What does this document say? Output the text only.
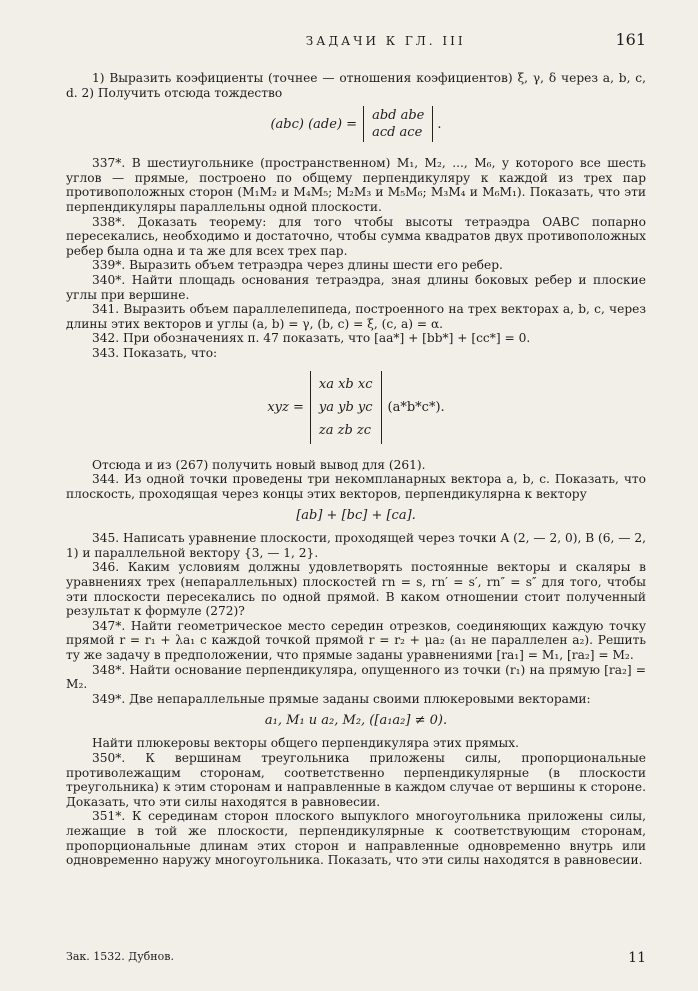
ЗАДАЧИ К ГЛ. III	161

1) Выразить коэфициенты (точнее — отношения коэфициентов) ξ, γ, δ через a, b, c, d. 2) Получить отсюда тождество

(abc) (ade) =
abd abe
acd ace
.

337*. В шестиугольнике (пространственном) M₁, M₂, ..., M₆, у которого все шесть углов — прямые, построено по общему перпендикуляру к каждой из трех пар противоположных сторон (M₁M₂ и M₄M₅; M₂M₃ и M₅M₆; M₃M₄ и M₆M₁). Показать, что эти перпендикуляры параллельны одной плоскости.

338*. Доказать теорему: для того чтобы высоты тетраэдра OABC попарно пересекались, необходимо и достаточно, чтобы сумма квадратов двух противоположных ребер была одна и та же для всех трех пар.

339*. Выразить объем тетраэдра через длины шести его ребер.

340*. Найти площадь основания тетраэдра, зная длины боковых ребер и плоские углы при вершине.

341. Выразить объем параллелепипеда, построенного на трех векторах a, b, c, через длины этих векторов и углы (a, b) = γ, (b, c) = ξ, (c, a) = α.

342. При обозначениях п. 47 показать, что [aa*] + [bb*] + [cc*] = 0.

343. Показать, что:

xyz =
xa xb xc
ya yb yc
za zb zc
(a*b*c*).

Отсюда и из (267) получить новый вывод для (261).

344. Из одной точки проведены три некомпланарных вектора a, b, c. Показать, что плоскость, проходящая через концы этих векторов, перпендикулярна к вектору

[ab] + [bc] + [ca].

345. Написать уравнение плоскости, проходящей через точки A (2, — 2, 0), B (6, — 2, 1) и параллельной вектору {3, — 1, 2}.

346. Каким условиям должны удовлетворять постоянные векторы и скаляры в уравнениях трех (непараллельных) плоскостей rn = s, rn′ = s′, rn″ = s″ для того, чтобы эти плоскости пересекались по одной прямой. В каком отношении стоит полученный результат к формуле (272)?

347*. Найти геометрическое место середин отрезков, соединяющих каждую точку прямой r = r₁ + λa₁ с каждой точкой прямой r = r₂ + μa₂ (a₁ не параллелен a₂). Решить ту же задачу в предположении, что прямые заданы уравнениями [ra₁] = M₁, [ra₂] = M₂.

348*. Найти основание перпендикуляра, опущенного из точки (r₁) на прямую [ra₂] = M₂.

349*. Две непараллельные прямые заданы своими плюкеровыми векторами:

a₁, M₁ и a₂, M₂, ([a₁a₂] ≠ 0).

Найти плюкеровы векторы общего перпендикуляра этих прямых.

350*. К вершинам треугольника приложены силы, пропорциональные противолежащим сторонам, соответственно перпендикулярные (в плоскости треугольника) к этим сторонам и направленные в каждом случае от вершины к стороне. Доказать, что эти силы находятся в равновесии.

351*. К серединам сторон плоского выпуклого многоугольника приложены силы, лежащие в той же плоскости, перпендикулярные к соответствующим сторонам, пропорциональные длинам этих сторон и направленные одновременно внутрь или одновременно наружу многоугольника. Показать, что эти силы находятся в равновесии.

Зак. 1532. Дубнов.	11
